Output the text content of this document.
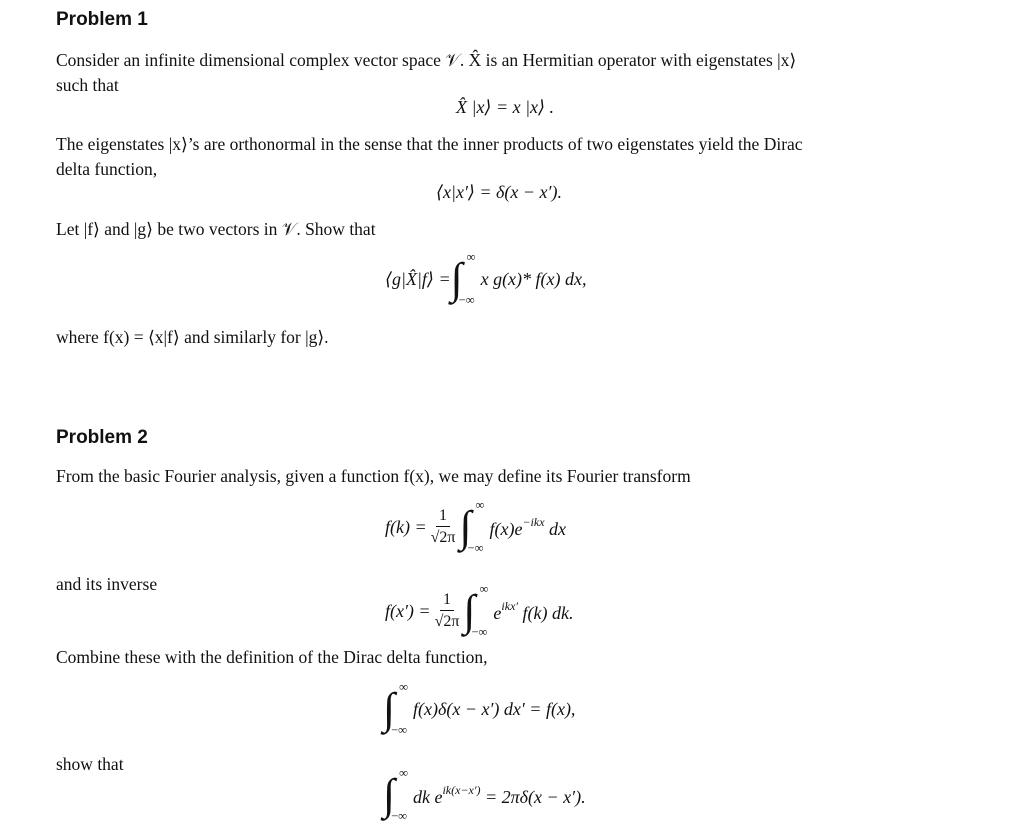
Problem 1
Consider an infinite dimensional complex vector space 𝒱. X̂ is an Hermitian operator with eigenstates |x⟩
such that
X̂ |x⟩ = x |x⟩ .
The eigenstates |x⟩’s are orthonormal in the sense that the inner products of two eigenstates yield the Dirac
delta function,
⟨x|x′⟩ = δ(x − x′).
Let |f⟩ and |g⟩ be two vectors in 𝒱. Show that
⟨g|X̂|f⟩ = ∫ ∞
−∞
x g(x)* f(x) dx,
where f(x) = ⟨x|f⟩ and similarly for |g⟩.
Problem 2
From the basic Fourier analysis, given a function f(x), we may define its Fourier transform
$f(k) = \frac{1}{√2\pi}$ ∫ ∞
−∞
$f(x)e^{-ikx}$ dx
and its inverse
$f(x') = \frac{1}{√2\pi}$ ∫ ∞
−∞
$e^{ikx'}$ f(k) dk.
Combine these with the definition of the Dirac delta function,
∫ ∞
−∞
f(x)δ(x − x′) dx′ = f(x),
show that
∫ ∞
−∞
dk $e^{ik(x-x')} = 2\pi\delta(x - x')$.
